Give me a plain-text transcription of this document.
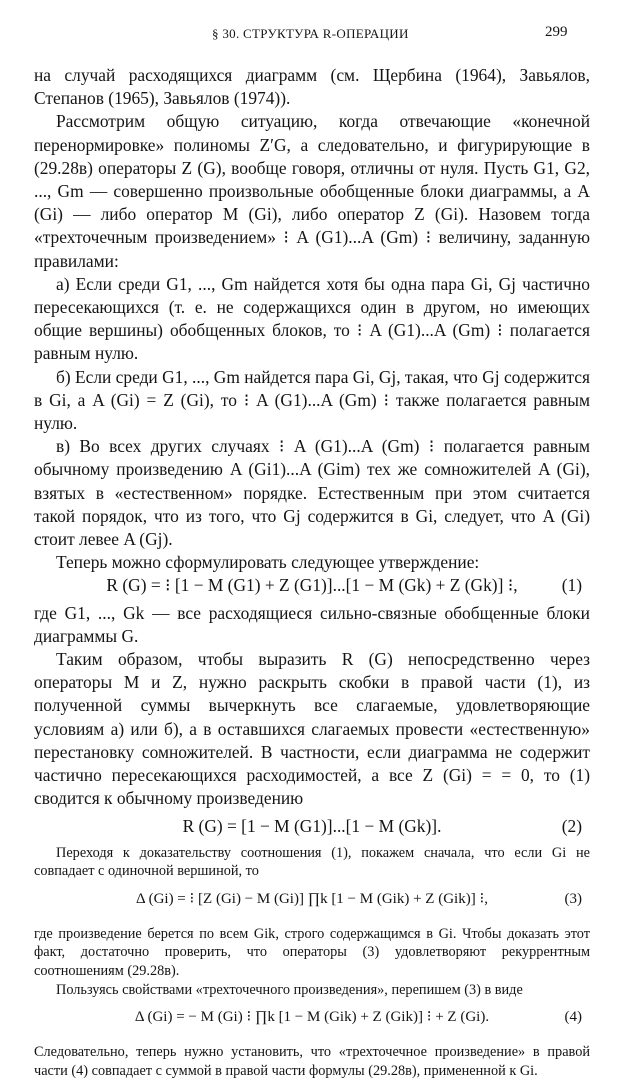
§ 30. СТРУКТУРА R-ОПЕРАЦИИ	299

на случай расходящихся диаграмм (см. Щербина (1964), Завьялов, Степанов (1965), Завьялов (1974)).

Рассмотрим общую ситуацию, когда отвечающие «конечной перенормировке» полиномы Z′G, а следовательно, и фигурирующие в (29.28в) операторы Z (G), вообще говоря, отличны от нуля. Пусть G1, G2, ..., Gm — совершенно произвольные обобщенные блоки диаграммы, а A (Gi) — либо оператор M (Gi), либо оператор Z (Gi). Назовем тогда «трехточечным произведением» ⁝ A (G1)...A (Gm) ⁝ величину, заданную правилами:

а) Если среди G1, ..., Gm найдется хотя бы одна пара Gi, Gj частично пересекающихся (т. е. не содержащихся один в другом, но имеющих общие вершины) обобщенных блоков, то ⁝ A (G1)...A (Gm) ⁝ полагается равным нулю.

б) Если среди G1, ..., Gm найдется пара Gi, Gj, такая, что Gj содержится в Gi, а A (Gi) = Z (Gi), то ⁝ A (G1)...A (Gm) ⁝ также полагается равным нулю.

в) Во всех других случаях ⁝ A (G1)...A (Gm) ⁝ полагается равным обычному произведению A (Gi1)...A (Gim) тех же сомножителей A (Gi), взятых в «естественном» порядке. Естественным при этом считается такой порядок, что из того, что Gj содержится в Gi, следует, что A (Gi) стоит левее A (Gj).

Теперь можно сформулировать следующее утверждение:

R (G) = ⁝ [1 − M (G1) + Z (G1)]...[1 − M (Gk) + Z (Gk)] ⁝,	(1)

где G1, ..., Gk — все расходящиеся сильно-связные обобщенные блоки диаграммы G.

Таким образом, чтобы выразить R (G) непосредственно через операторы M и Z, нужно раскрыть скобки в правой части (1), из полученной суммы вычеркнуть все слагаемые, удовлетворяющие условиям а) или б), а в оставшихся слагаемых провести «естественную» перестановку сомножителей. В частности, если диаграмма не содержит частично пересекающихся расходимостей, а все Z (Gi) = = 0, то (1) сводится к обычному произведению

R (G) = [1 − M (G1)]...[1 − M (Gk)].	(2)

Переходя к доказательству соотношения (1), покажем сначала, что если Gi не совпадает с одиночной вершиной, то

Δ (Gi) = ⁝ [Z (Gi) − M (Gi)] ∏k [1 − M (Gik) + Z (Gik)] ⁝,	(3)

где произведение берется по всем Gik, строго содержащимся в Gi. Чтобы доказать этот факт, достаточно проверить, что операторы (3) удовлетворяют рекуррентным соотношениям (29.28в).

Пользуясь свойствами «трехточечного произведения», перепишем (3) в виде

Δ (Gi) = − M (Gi) ⁝ ∏k [1 − M (Gik) + Z (Gik)] ⁝ + Z (Gi).	(4)

Следовательно, теперь нужно установить, что «трехточечное произведение» в правой части (4) совпадает с суммой в правой части формулы (29.28в), примененной к Gi.
